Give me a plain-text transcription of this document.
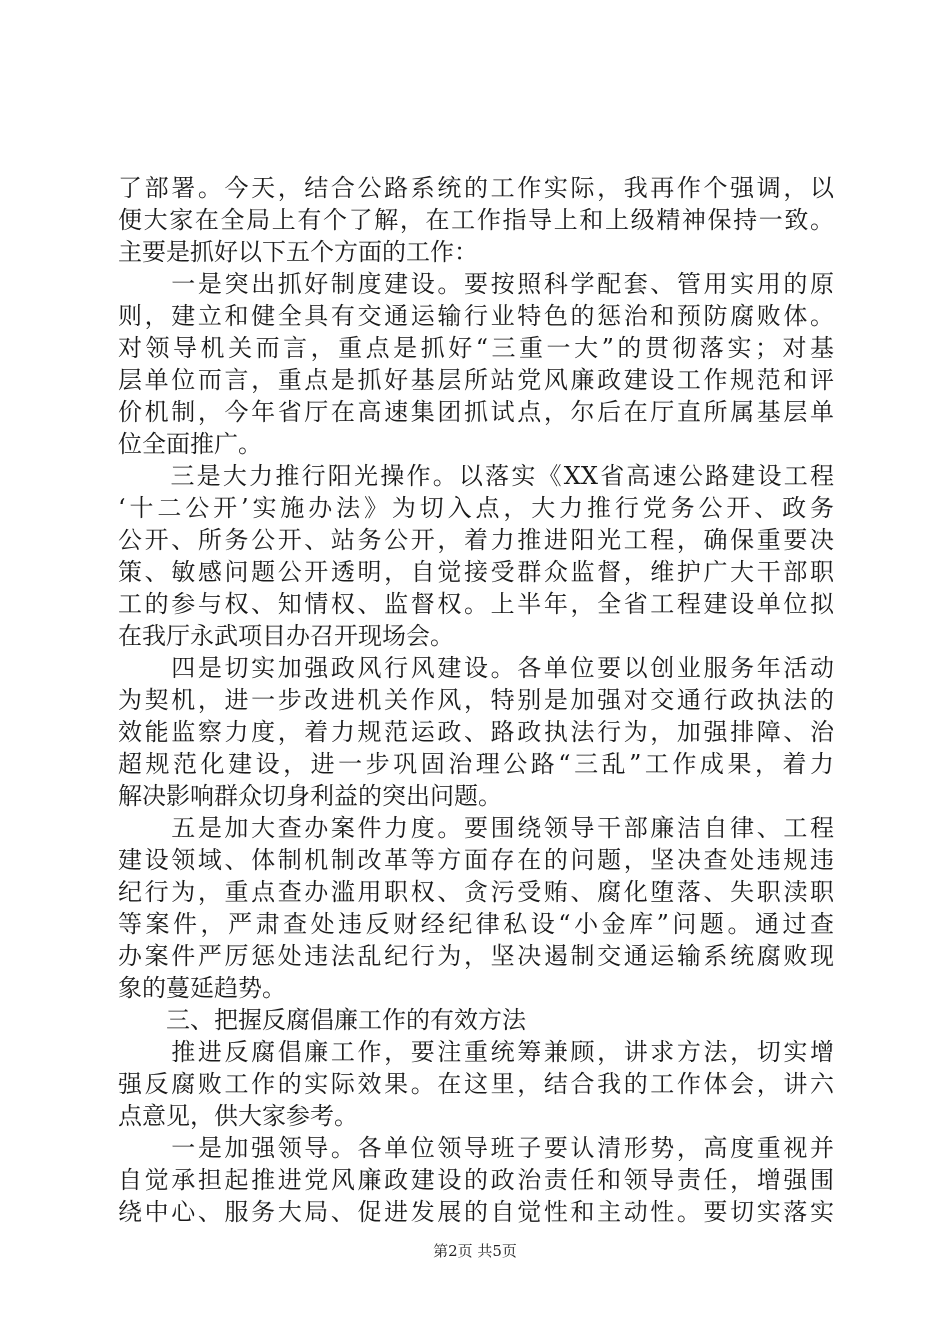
了部署。今天，结合公路系统的工作实际，我再作个强调，以
便大家在全局上有个了解，在工作指导上和上级精神保持一致。
主要是抓好以下五个方面的工作：
　　一是突出抓好制度建设。要按照科学配套、管用实用的原
则，建立和健全具有交通运输行业特色的惩治和预防腐败体。
对领导机关而言，重点是抓好“三重一大”的贯彻落实；对基
层单位而言，重点是抓好基层所站党风廉政建设工作规范和评
价机制，今年省厅在高速集团抓试点，尔后在厅直所属基层单
位全面推广。
　　三是大力推行阳光操作。以落实《XX省高速公路建设工程
‘十二公开’实施办法》为切入点，大力推行党务公开、政务
公开、所务公开、站务公开，着力推进阳光工程，确保重要决
策、敏感问题公开透明，自觉接受群众监督，维护广大干部职
工的参与权、知情权、监督权。上半年，全省工程建设单位拟
在我厅永武项目办召开现场会。
　　四是切实加强政风行风建设。各单位要以创业服务年活动
为契机，进一步改进机关作风，特别是加强对交通行政执法的
效能监察力度，着力规范运政、路政执法行为，加强排障、治
超规范化建设，进一步巩固治理公路“三乱”工作成果，着力
解决影响群众切身利益的突出问题。
　　五是加大查办案件力度。要围绕领导干部廉洁自律、工程
建设领域、体制机制改革等方面存在的问题，坚决查处违规违
纪行为，重点查办滥用职权、贪污受贿、腐化堕落、失职渎职
等案件，严肃查处违反财经纪律私设“小金库”问题。通过查
办案件严厉惩处违法乱纪行为，坚决遏制交通运输系统腐败现
象的蔓延趋势。
　　三、把握反腐倡廉工作的有效方法
　　推进反腐倡廉工作，要注重统筹兼顾，讲求方法，切实增
强反腐败工作的实际效果。在这里，结合我的工作体会，讲六
点意见，供大家参考。
　　一是加强领导。各单位领导班子要认清形势，高度重视并
自觉承担起推进党风廉政建设的政治责任和领导责任，增强围
绕中心、服务大局、促进发展的自觉性和主动性。要切实落实
第2页 共5页
